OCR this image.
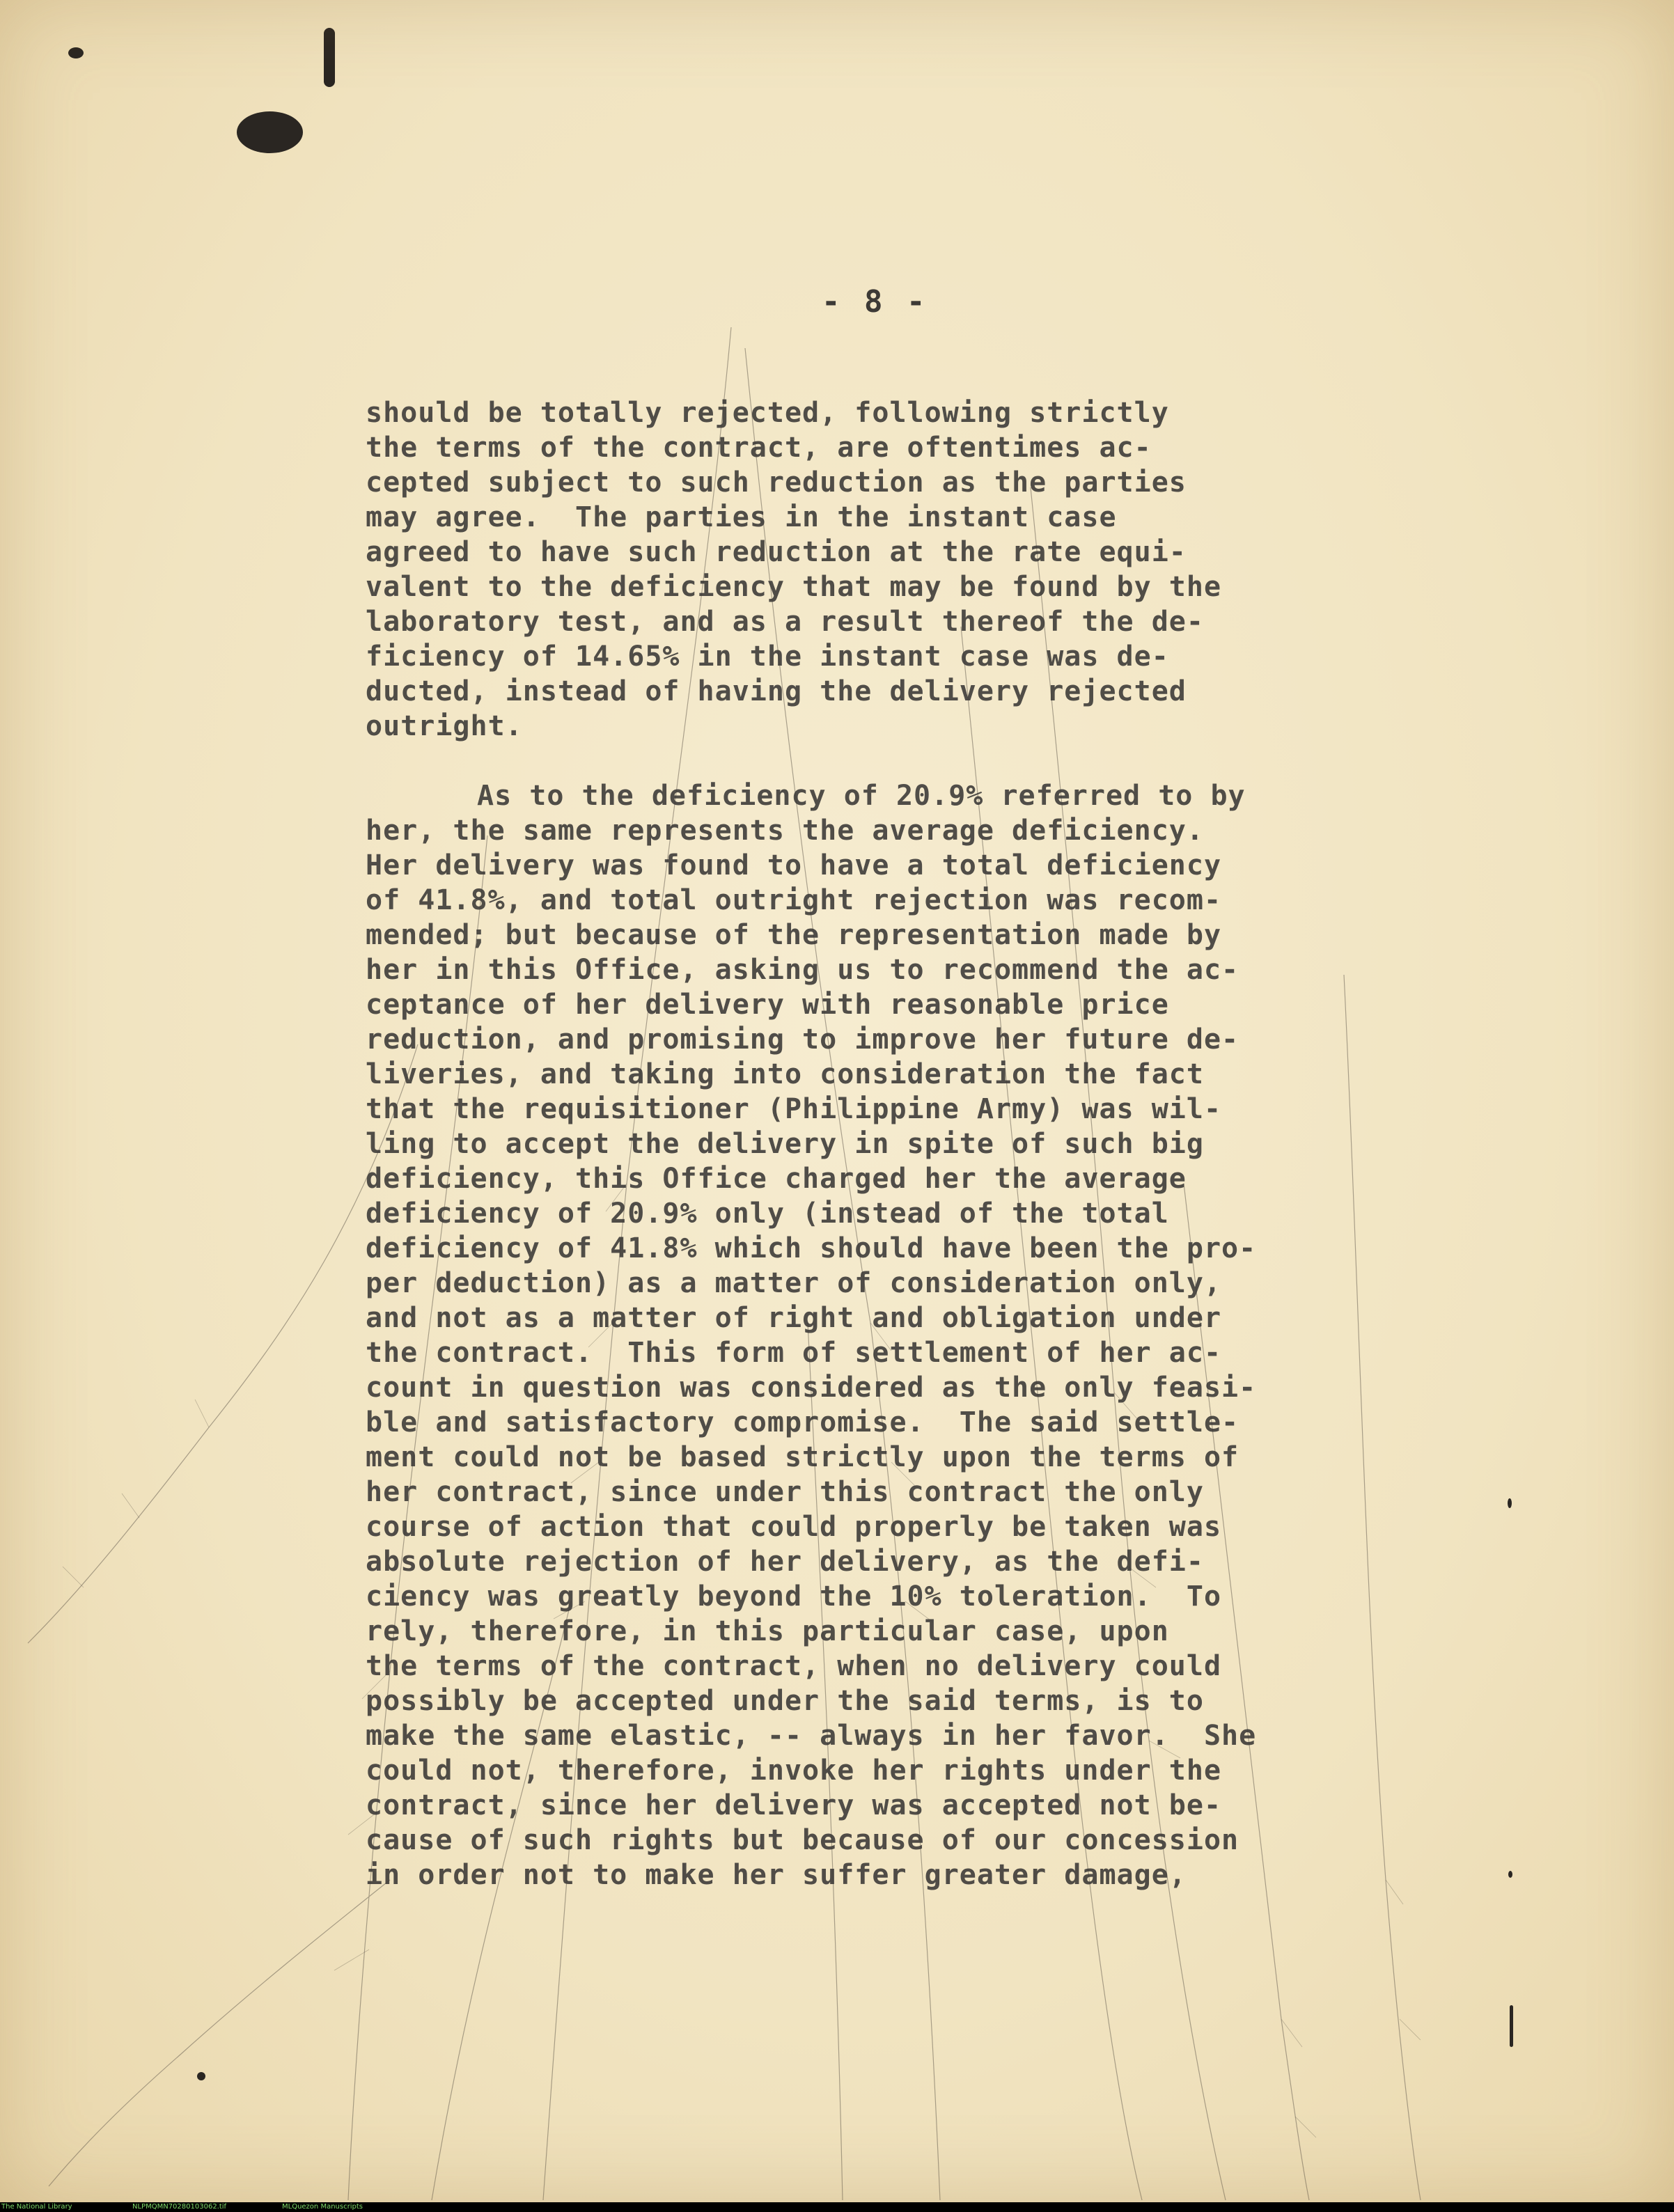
- 8 -
should be totally rejected, following strictly
the terms of the contract, are oftentimes ac-
cepted subject to such reduction as the parties
may agree.  The parties in the instant case
agreed to have such reduction at the rate equi-
valent to the deficiency that may be found by the
laboratory test, and as a result thereof the de-
ficiency of 14.65% in the instant case was de-
ducted, instead of having the delivery rejected
outright.
As to the deficiency of 20.9% referred to by
her, the same represents the average deficiency.
Her delivery was found to have a total deficiency
of 41.8%, and total outright rejection was recom-
mended; but because of the representation made by
her in this Office, asking us to recommend the ac-
ceptance of her delivery with reasonable price
reduction, and promising to improve her future de-
liveries, and taking into consideration the fact
that the requisitioner (Philippine Army) was wil-
ling to accept the delivery in spite of such big
deficiency, this Office charged her the average
deficiency of 20.9% only (instead of the total
deficiency of 41.8% which should have been the pro-
per deduction) as a matter of consideration only,
and not as a matter of right and obligation under
the contract.  This form of settlement of her ac-
count in question was considered as the only feasi-
ble and satisfactory compromise.  The said settle-
ment could not be based strictly upon the terms of
her contract, since under this contract the only
course of action that could properly be taken was
absolute rejection of her delivery, as the defi-
ciency was greatly beyond the 10% toleration.  To
rely, therefore, in this particular case, upon
the terms of the contract, when no delivery could
possibly be accepted under the said terms, is to
make the same elastic, -- always in her favor.  She
could not, therefore, invoke her rights under the
contract, since her delivery was accepted not be-
cause of such rights but because of our concession
in order not to make her suffer greater damage,
The National Library	NLPMQMN70280103062.tif	MLQuezon Manuscripts
